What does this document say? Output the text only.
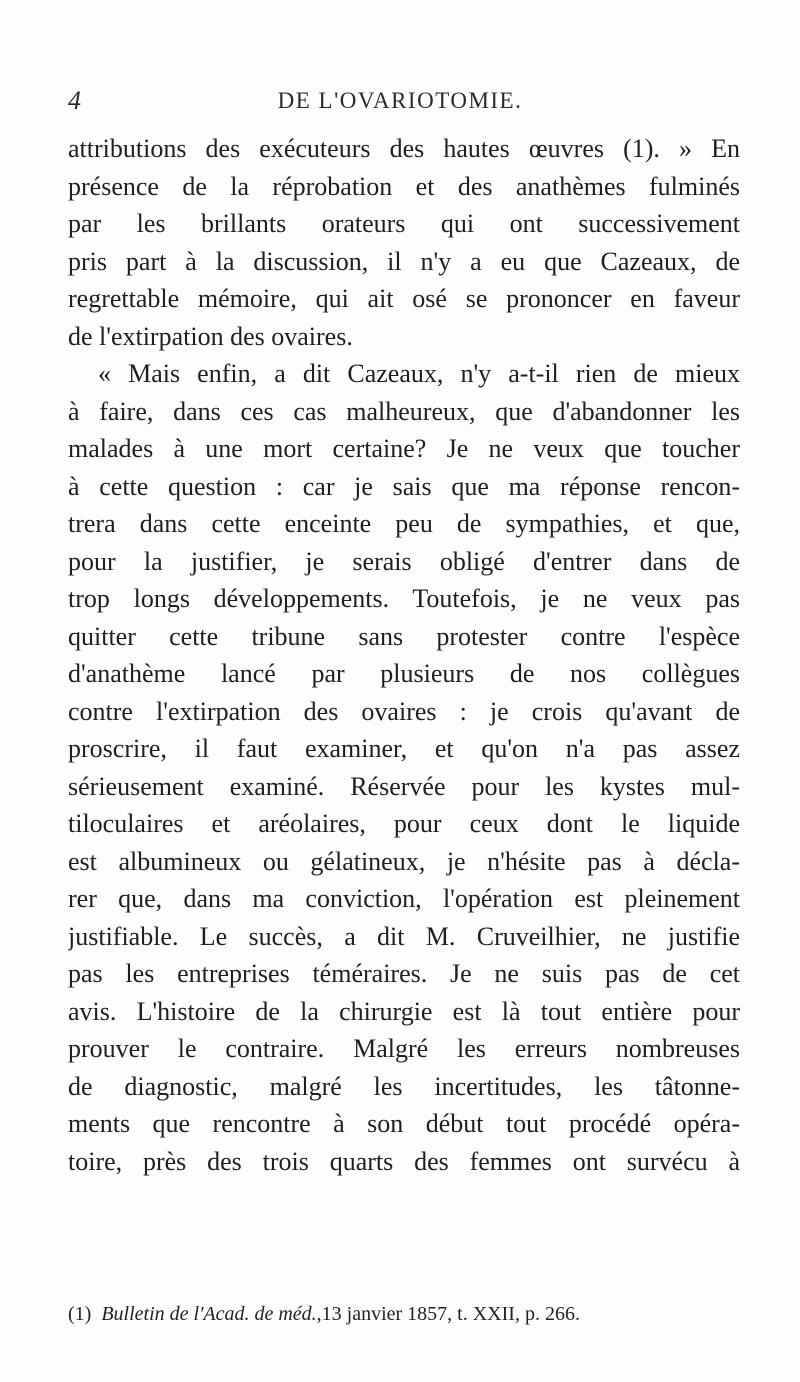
4	DE L'OVARIOTOMIE.
attributions des exécuteurs des hautes œuvres (1). » En
présence de la réprobation et des anathèmes fulminés
par les brillants orateurs qui ont successivement
pris part à la discussion, il n'y a eu que Cazeaux, de
regrettable mémoire, qui ait osé se prononcer en faveur
de l'extirpation des ovaires.
« Mais enfin, a dit Cazeaux, n'y a-t-il rien de mieux
à faire, dans ces cas malheureux, que d'abandonner les
malades à une mort certaine? Je ne veux que toucher
à cette question : car je sais que ma réponse rencon-
trera dans cette enceinte peu de sympathies, et que,
pour la justifier, je serais obligé d'entrer dans de
trop longs développements. Toutefois, je ne veux pas
quitter cette tribune sans protester contre l'espèce
d'anathème lancé par plusieurs de nos collègues
contre l'extirpation des ovaires : je crois qu'avant de
proscrire, il faut examiner, et qu'on n'a pas assez
sérieusement examiné. Réservée pour les kystes mul-
tiloculaires et aréolaires, pour ceux dont le liquide
est albumineux ou gélatineux, je n'hésite pas à décla-
rer que, dans ma conviction, l'opération est pleinement
justifiable. Le succès, a dit M. Cruveilhier, ne justifie
pas les entreprises téméraires. Je ne suis pas de cet
avis. L'histoire de la chirurgie est là tout entière pour
prouver le contraire. Malgré les erreurs nombreuses
de diagnostic, malgré les incertitudes, les tâtonne-
ments que rencontre à son début tout procédé opéra-
toire, près des trois quarts des femmes ont survécu à
(1) Bulletin de l'Acad. de méd.,13 janvier 1857, t. XXII, p. 266.
